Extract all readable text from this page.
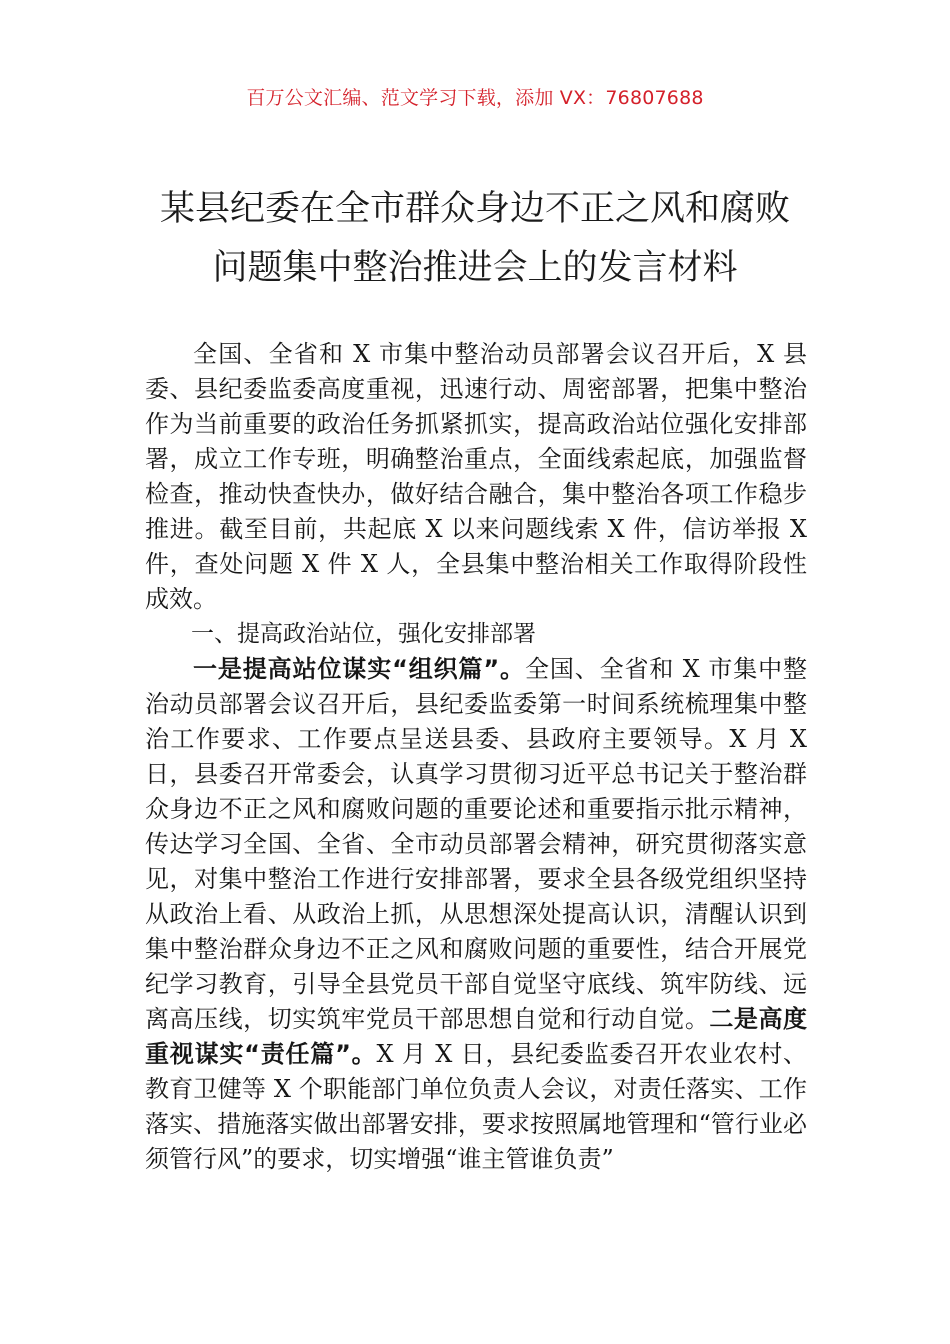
百万公文汇编、范文学习下载，添加 VX：76807688
某县纪委在全市群众身边不正之风和腐败
问题集中整治推进会上的发言材料

全国、全省和 X 市集中整治动员部署会议召开后，X 县委、县纪委监委高度重视，迅速行动、周密部署，把集中整治作为当前重要的政治任务抓紧抓实，提高政治站位强化安排部署，成立工作专班，明确整治重点，全面线索起底，加强监督检查，推动快查快办，做好结合融合，集中整治各项工作稳步推进。截至目前，共起底 X 以来问题线索 X 件，信访举报 X 件，查处问题 X 件 X 人，全县集中整治相关工作取得阶段性成效。

一、提高政治站位，强化安排部署

一是提高站位谋实“组织篇”。全国、全省和 X 市集中整治动员部署会议召开后，县纪委监委第一时间系统梳理集中整治工作要求、工作要点呈送县委、县政府主要领导。X 月 X 日，县委召开常委会，认真学习贯彻习近平总书记关于整治群众身边不正之风和腐败问题的重要论述和重要指示批示精神，传达学习全国、全省、全市动员部署会精神，研究贯彻落实意见，对集中整治工作进行安排部署，要求全县各级党组织坚持从政治上看、从政治上抓，从思想深处提高认识，清醒认识到集中整治群众身边不正之风和腐败问题的重要性，结合开展党纪学习教育，引导全县党员干部自觉坚守底线、筑牢防线、远离高压线，切实筑牢党员干部思想自觉和行动自觉。二是高度重视谋实“责任篇”。X 月 X 日，县纪委监委召开农业农村、教育卫健等 X 个职能部门单位负责人会议，对责任落实、工作落实、措施落实做出部署安排，要求按照属地管理和“管行业必须管行风”的要求，切实增强“谁主管谁负责”
